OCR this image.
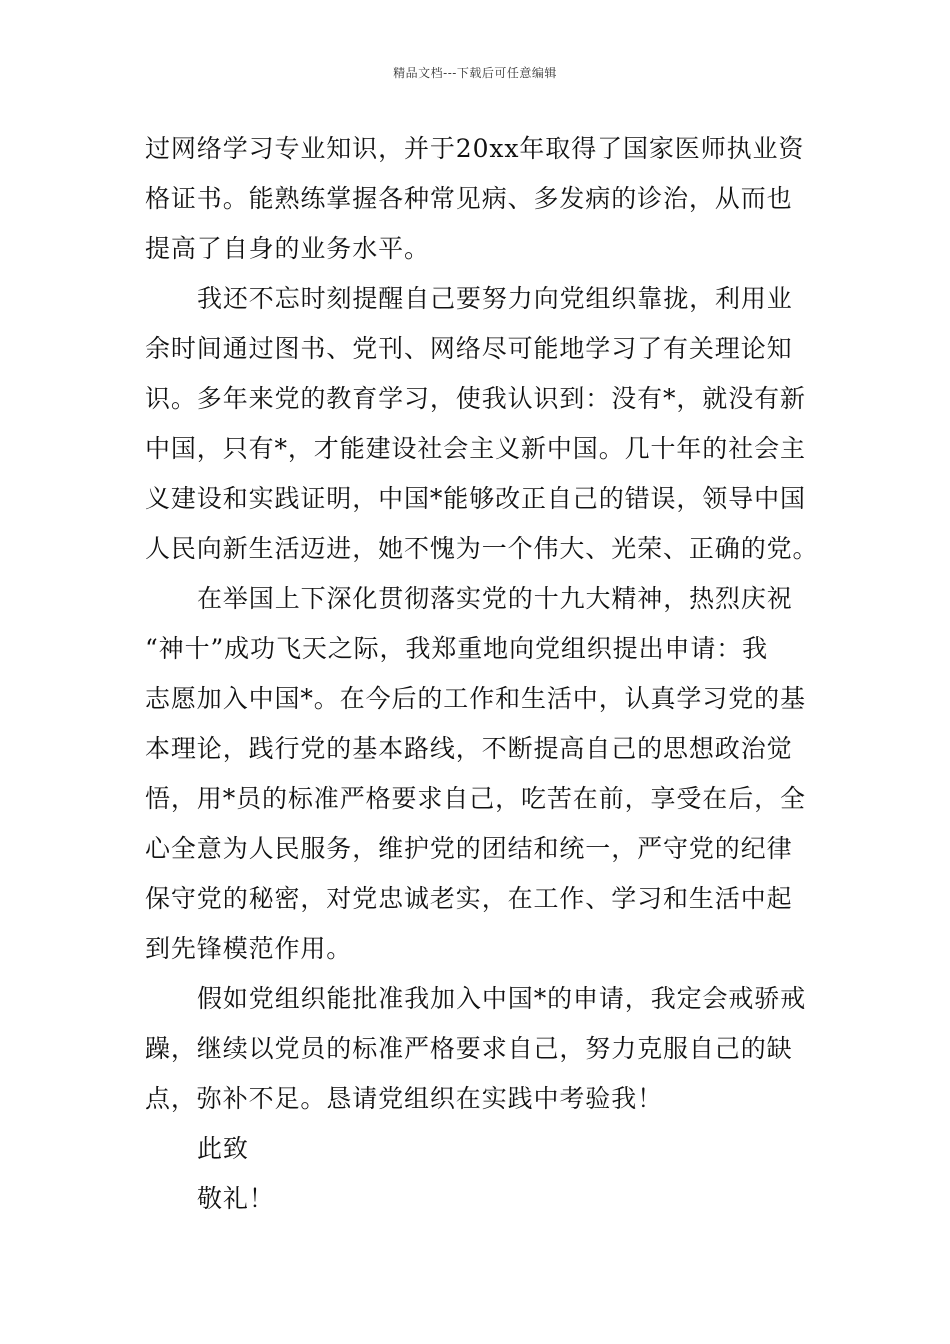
精品文档---下载后可任意编辑
过网络学习专业知识，并于20xx年取得了国家医师执业资
格证书。能熟练掌握各种常见病、多发病的诊治，从而也
提高了自身的业务水平。
我还不忘时刻提醒自己要努力向党组织靠拢，利用业
余时间通过图书、党刊、网络尽可能地学习了有关理论知
识。多年来党的教育学习，使我认识到：没有*，就没有新
中国，只有*，才能建设社会主义新中国。几十年的社会主
义建设和实践证明，中国*能够改正自己的错误，领导中国
人民向新生活迈进，她不愧为一个伟大、光荣、正确的党。
在举国上下深化贯彻落实党的十九大精神，热烈庆祝
“神十”成功飞天之际，我郑重地向党组织提出申请：我
志愿加入中国*。在今后的工作和生活中，认真学习党的基
本理论，践行党的基本路线，不断提高自己的思想政治觉
悟，用*员的标准严格要求自己，吃苦在前，享受在后，全
心全意为人民服务，维护党的团结和统一，严守党的纪律
保守党的秘密，对党忠诚老实，在工作、学习和生活中起
到先锋模范作用。
假如党组织能批准我加入中国*的申请，我定会戒骄戒
躁，继续以党员的标准严格要求自己，努力克服自己的缺
点，弥补不足。恳请党组织在实践中考验我！
此致
敬礼！
